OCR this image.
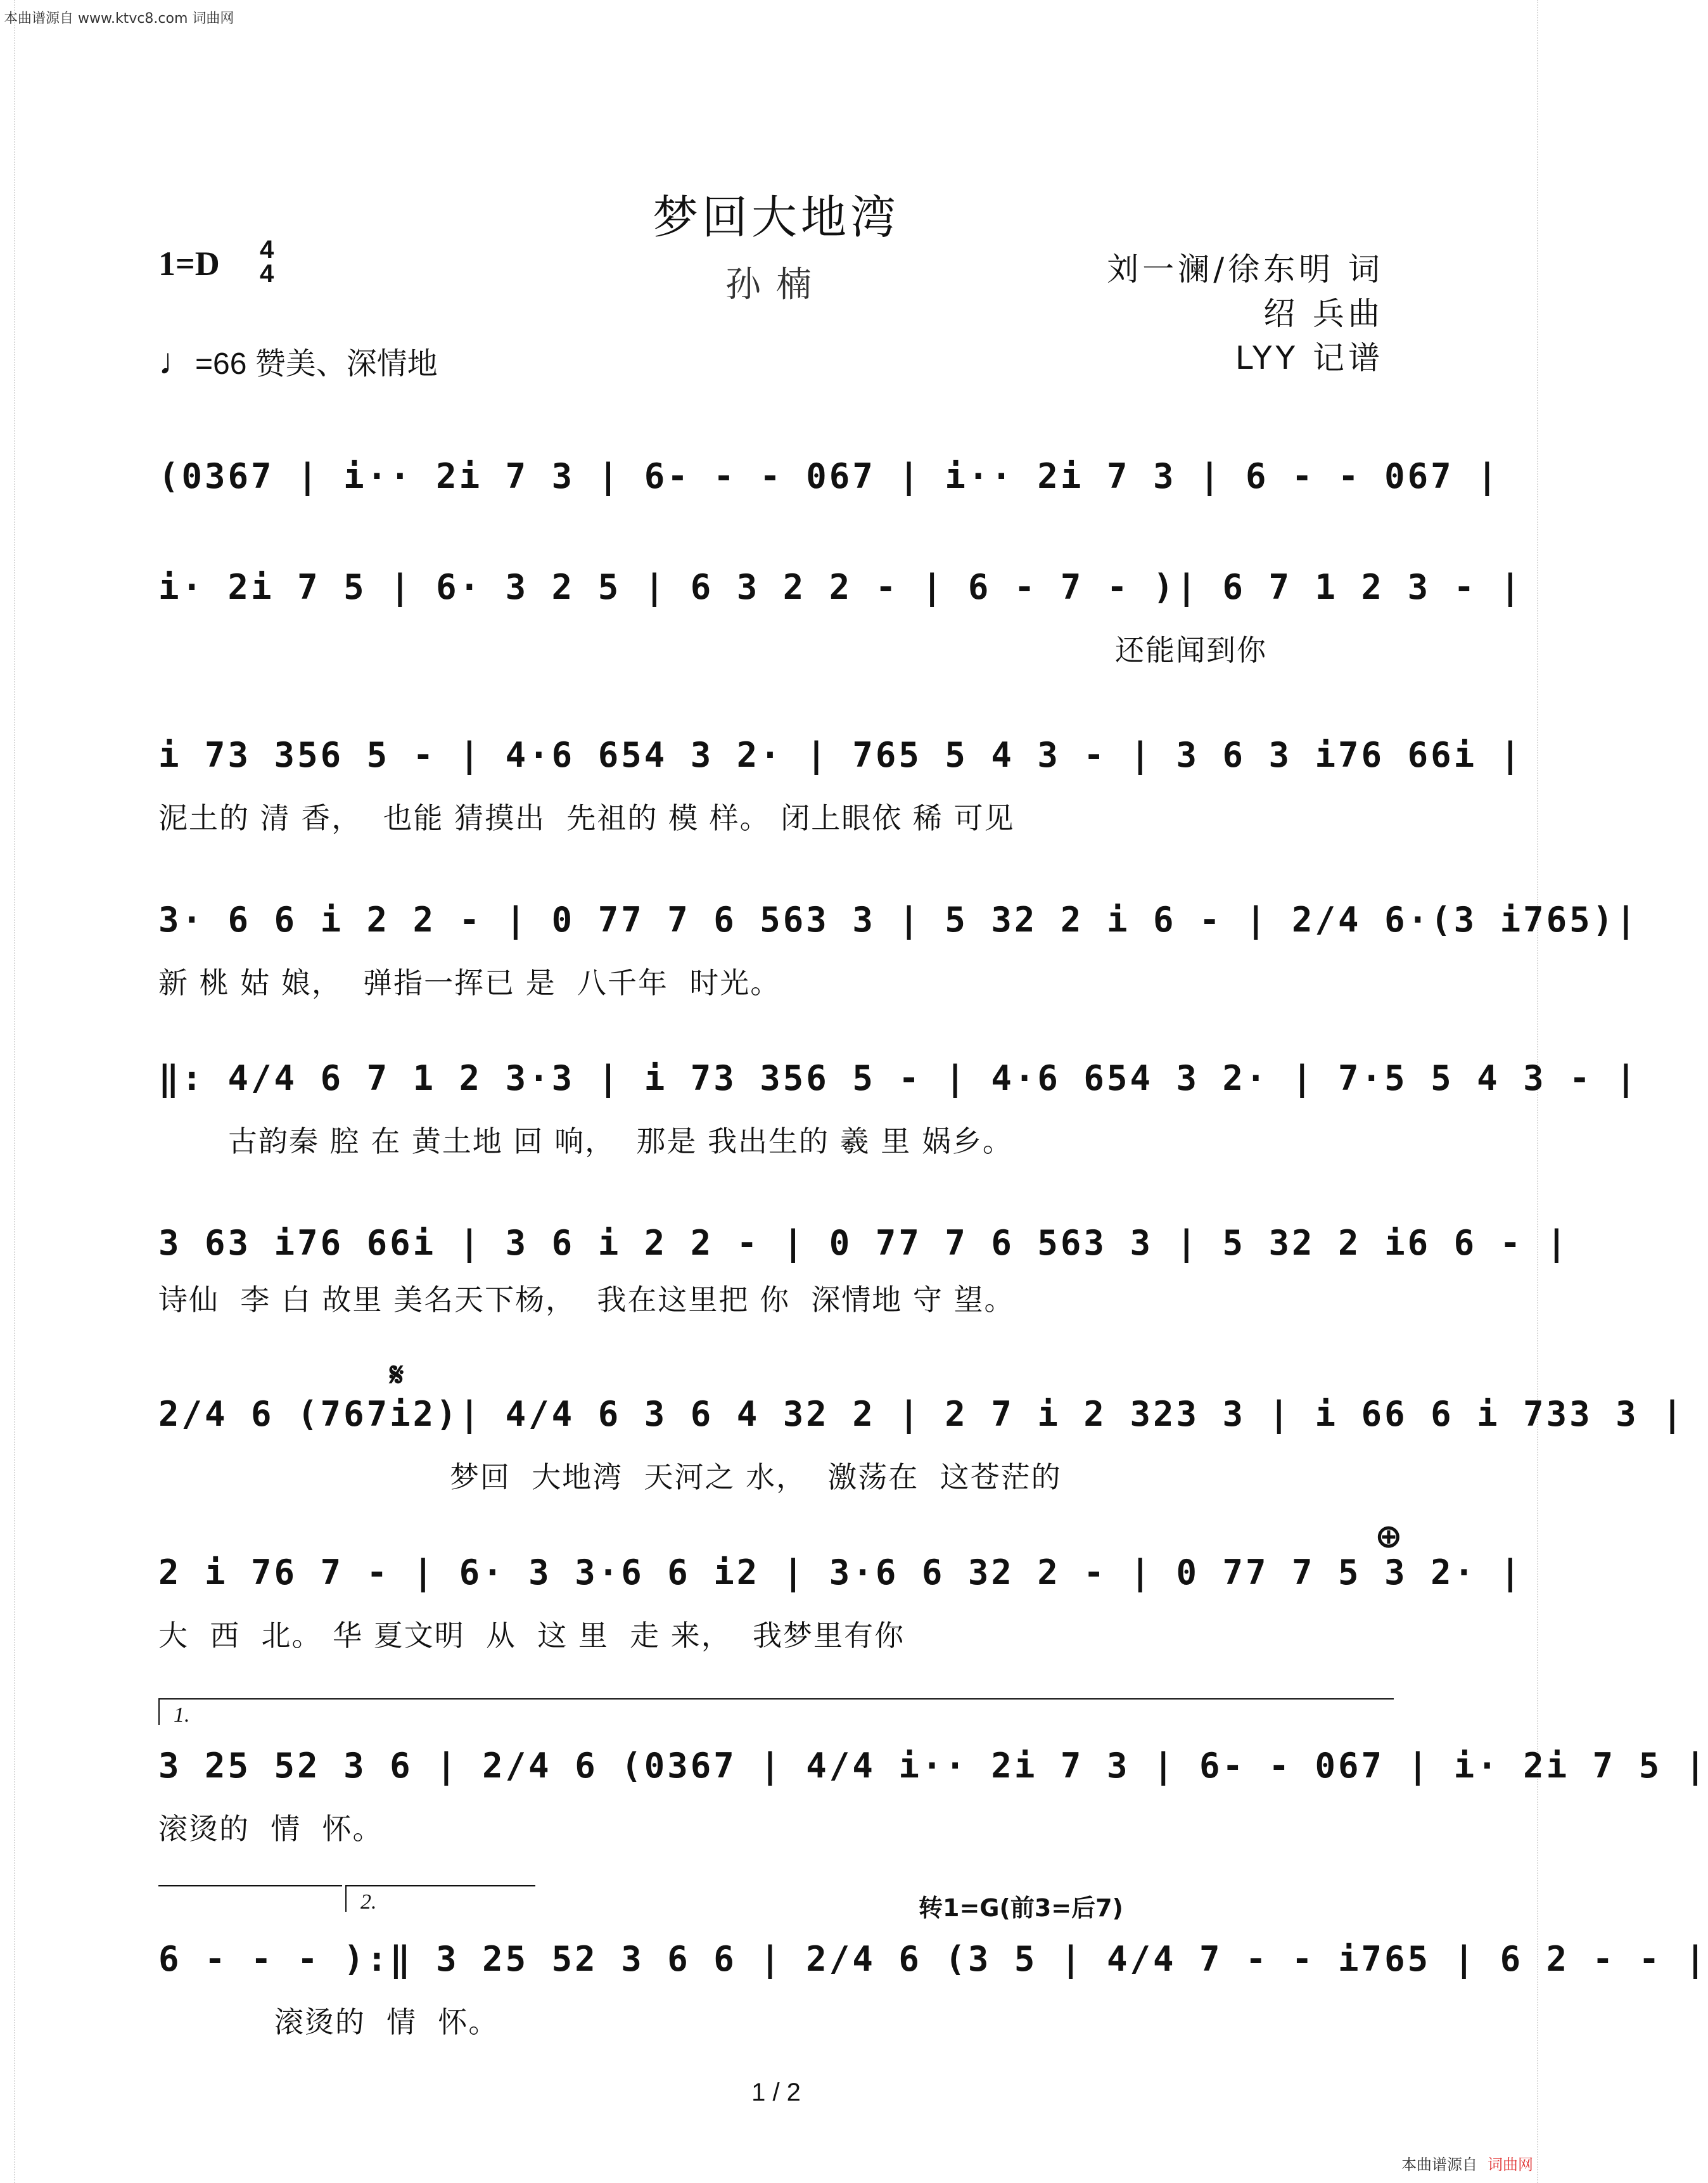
本曲谱源自 www.ktvc8.com 词曲网
梦回大地湾
孙楠
1=D 4
4
♩=66 赞美、深情地
刘一澜/徐东明 词
绍 兵曲
LYY 记谱
(0367 | i·· 2i 7 3 | 6- - - 067 | i·· 2i 7 3 | 6 - - 067 |
i· 2i 7 5 | 6· 3 2 5 | 6 3 2 2 - | 6 - 7 - )| 6 7 1 2 3 - |
还能闻到你
i 73 356 5 - | 4·6 654 3 2· | 765 5 4 3 - | 3 6 3 i76 66i |
泥土的 清 香，  也能 猜摸出  先祖的 模 样。 闭上眼依 稀 可见
3· 6 6 i 2 2 - | 0 77 7 6 563 3 | 5 32 2 i 6 - | 2/4 6·(3 i765)|
新 桃 姑 娘，  弹指一挥已 是  八千年  时光。
‖: 4/4 6 7 1 2 3·3 | i 73 356 5 - | 4·6 654 3 2· | 7·5 5 4 3 - |
古韵秦 腔 在 黄土地 回 响，  那是 我出生的 羲 里 娲乡。
3 63 i76 66i | 3 6 i 2 2 - | 0 77 7 6 563 3 | 5 32 2 i6 6 - |
诗仙  李 白 故里 美名天下杨，  我在这里把 你  深情地 守 望。
𝄋
2/4 6 (767i2)| 4/4 6 3 6 4 32 2 | 2 7 i 2 323 3 | i 66 6 i 733 3 |
梦回  大地湾  天河之 水，  激荡在  这苍茫的
⊕
2 i 76 7 - | 6· 3 3·6 6 i2 | 3·6 6 32 2 - | 0 77 7 5 3 2· |
大  西  北。 华 夏文明  从  这 里  走 来，  我梦里有你
1.
3 25 52 3 6 | 2/4 6 (0367 | 4/4 i·· 2i 7 3 | 6- - 067 | i· 2i 7 5 |
滚烫的  情  怀。
2.	转1=G(前3=后7)
6 - - - ):‖ 3 25 52 3 6 6 | 2/4 6 (3 5 | 4/4 7 - - i765 | 6 2 - - |
滚烫的  情  怀。
1 / 2
本曲谱源自 词曲网
